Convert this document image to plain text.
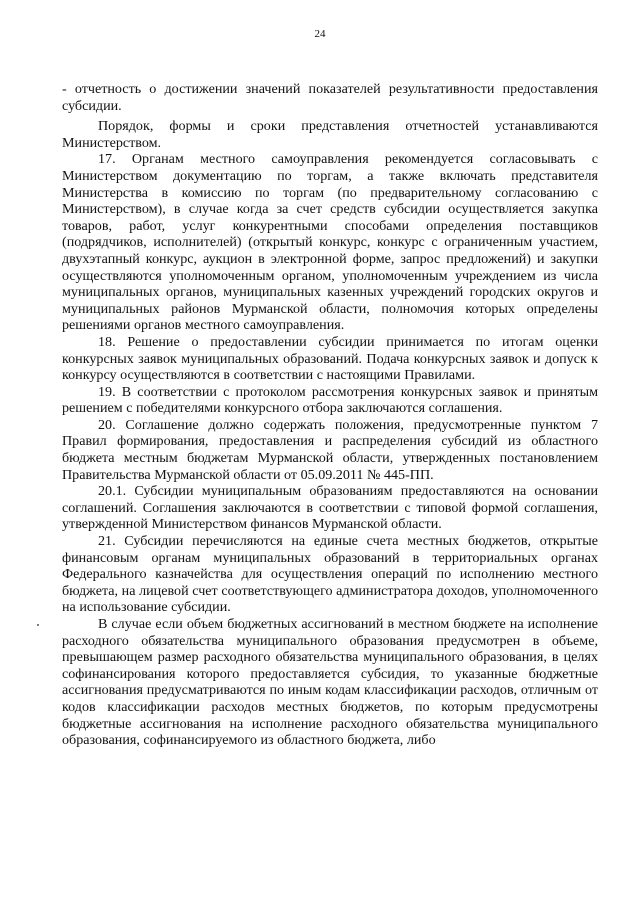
24

- отчетность о достижении значений показателей результативности предоставления субсидии.

Порядок, формы и сроки представления отчетностей устанавливаются Министерством.

17. Органам местного самоуправления рекомендуется согласовывать с Министерством документацию по торгам, а также включать представителя Министерства в комиссию по торгам (по предварительному согласованию с Министерством), в случае когда за счет средств субсидии осуществляется закупка товаров, работ, услуг конкурентными способами определения поставщиков (подрядчиков, исполнителей) (открытый конкурс, конкурс с ограниченным участием, двухэтапный конкурс, аукцион в электронной форме, запрос предложений) и закупки осуществляются уполномоченным органом, уполномоченным учреждением из числа муниципальных органов, муниципальных казенных учреждений городских округов и муниципальных районов Мурманской области, полномочия которых определены решениями органов местного самоуправления.

18. Решение о предоставлении субсидии принимается по итогам оценки конкурсных заявок муниципальных образований. Подача конкурсных заявок и допуск к конкурсу осуществляются в соответствии с настоящими Правилами.

19. В соответствии с протоколом рассмотрения конкурсных заявок и принятым решением с победителями конкурсного отбора заключаются соглашения.

20. Соглашение должно содержать положения, предусмотренные пунктом 7 Правил формирования, предоставления и распределения субсидий из областного бюджета местным бюджетам Мурманской области, утвержденных постановлением Правительства Мурманской области от 05.09.2011 № 445-ПП.

20.1. Субсидии муниципальным образованиям предоставляются на основании соглашений. Соглашения заключаются в соответствии с типовой формой соглашения, утвержденной Министерством финансов Мурманской области.

21. Субсидии перечисляются на единые счета местных бюджетов, открытые финансовым органам муниципальных образований в территориальных органах Федерального казначейства для осуществления операций по исполнению местного бюджета, на лицевой счет соответствующего администратора доходов, уполномоченного на использование субсидии.

В случае если объем бюджетных ассигнований в местном бюджете на исполнение расходного обязательства муниципального образования предусмотрен в объеме, превышающем размер расходного обязательства муниципального образования, в целях софинансирования которого предоставляется субсидия, то указанные бюджетные ассигнования предусматриваются по иным кодам классификации расходов, отличным от кодов классификации расходов местных бюджетов, по которым предусмотрены бюджетные ассигнования на исполнение расходного обязательства муниципального образования, софинансируемого из областного бюджета, либо
